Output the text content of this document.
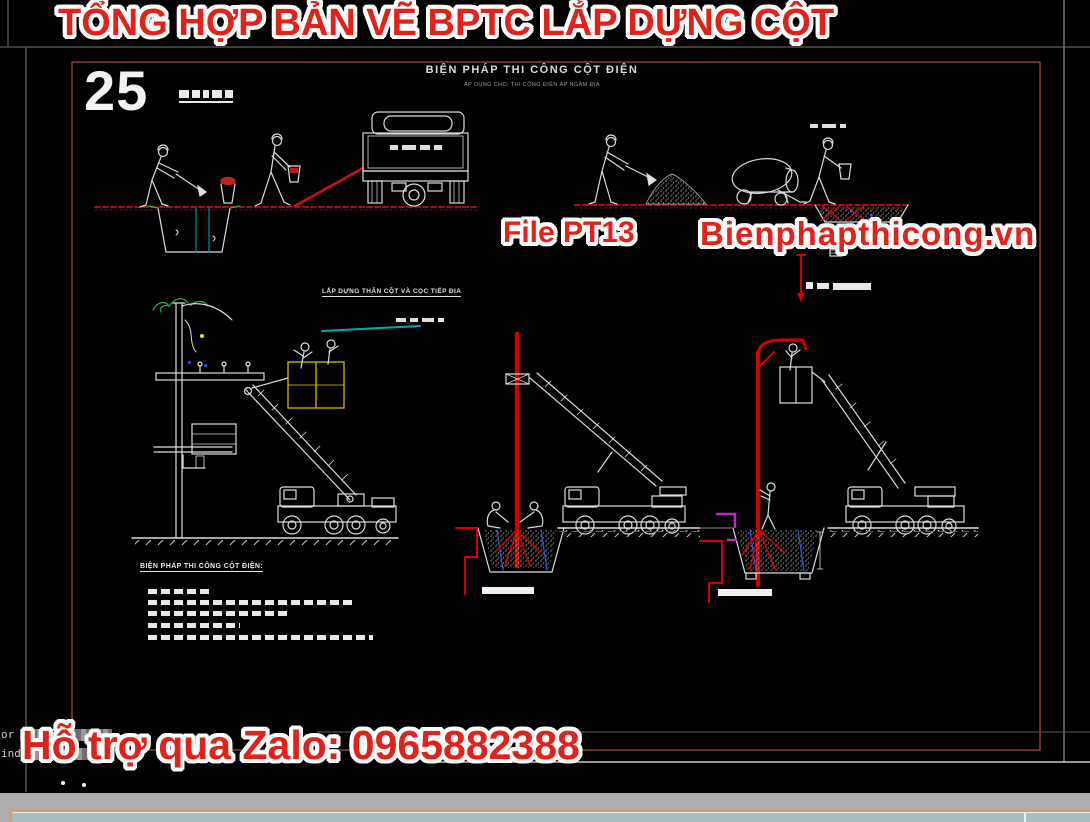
25	BIỆN PHÁP THI CÔNG CỘT ĐIỆN
ÁP DỤNG CHO: THI CÔNG ĐIỆN ÁP NGẦM ĐỊA
LẮP DỰNG THÂN CỘT VÀ CỌC TIẾP ĐỊA
BIỆN PHÁP THI CÔNG CỘT ĐIỆN:
or
ind
TỔNG HỢP BẢN VẼ BPTC LẮP DỰNG CỘT
File PT13 Bienphapthicong.vn
Hỗ trợ qua Zalo: 0965882388
